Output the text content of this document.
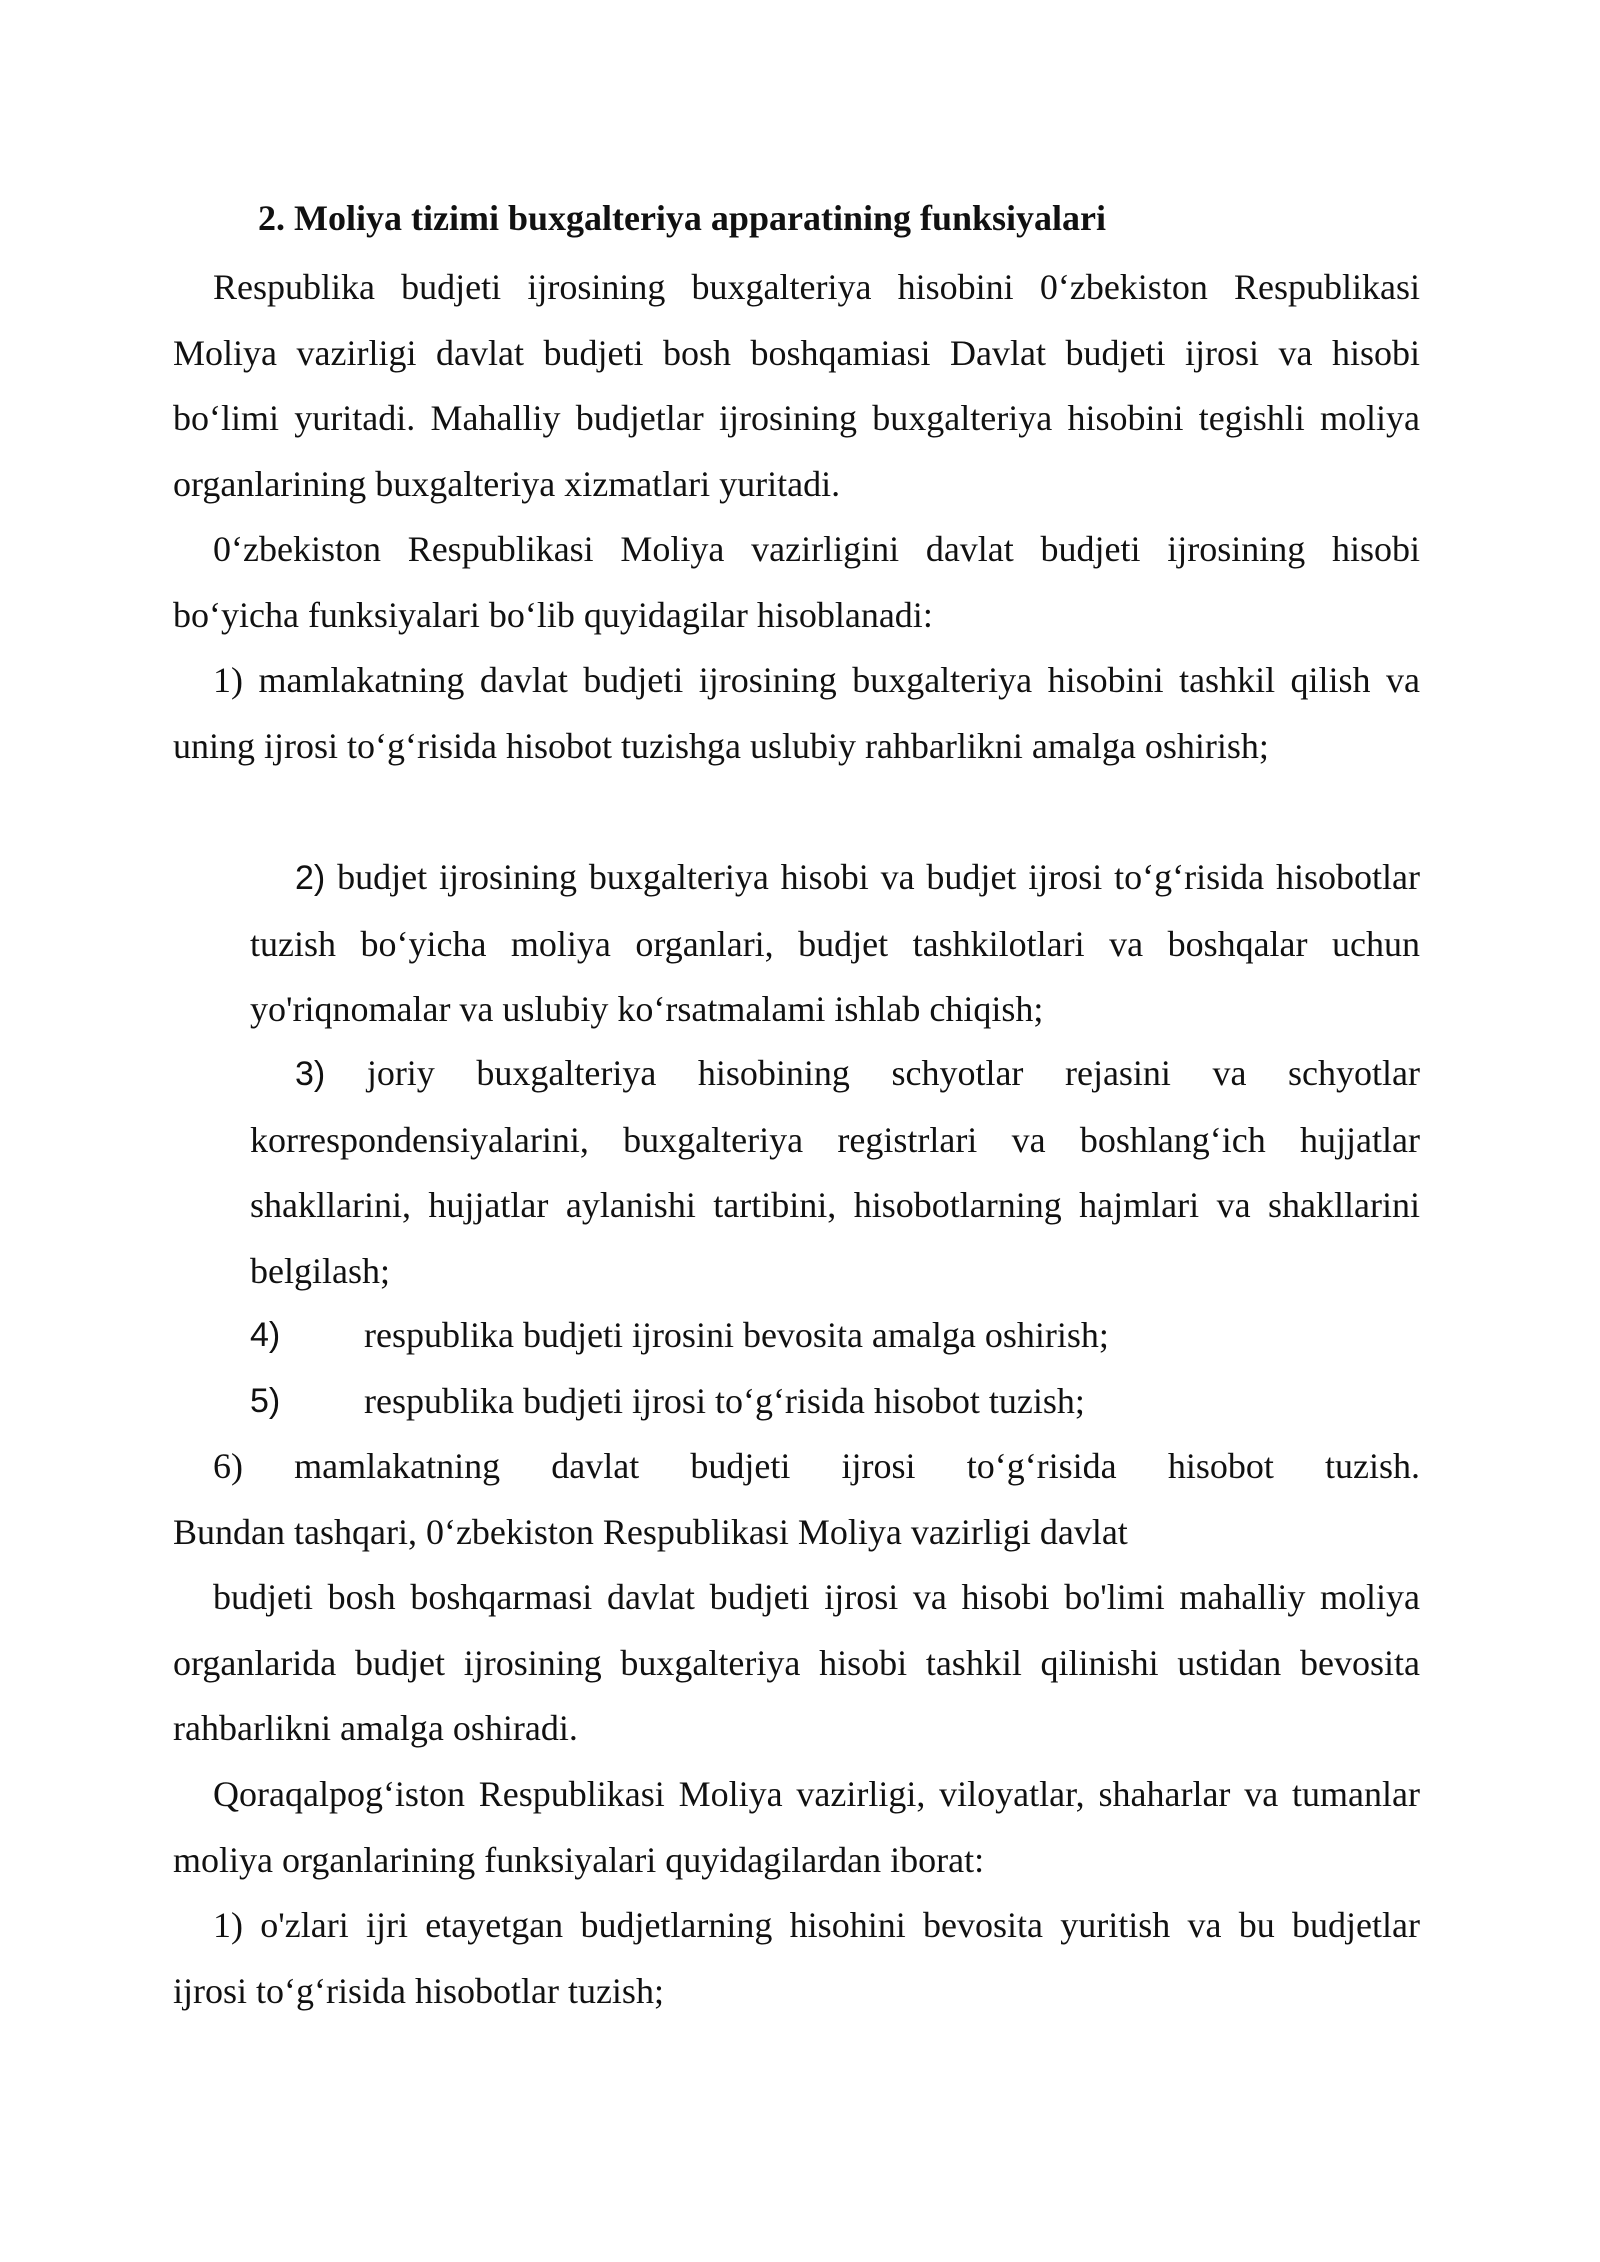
2. Moliya tizimi buxgalteriya apparatining funksiyalari

Respublika budjeti ijrosining buxgalteriya hisobini 0‘zbekiston Respublikasi Moliya vazirligi davlat budjeti bosh boshqamiasi Davlat budjeti ijrosi va hisobi bo‘limi yuritadi. Mahalliy budjetlar ijrosining buxgalteriya hisobini tegishli moliya organlarining buxgalteriya xizmatlari yuritadi.

0‘zbekiston Respublikasi Moliya vazirligini davlat budjeti ijrosining hisobi bo‘yicha funksiyalari bo‘lib quyidagilar hisoblanadi:

1) mamlakatning davlat budjeti ijrosining buxgalteriya hisobini tashkil qilish va uning ijrosi to‘g‘risida hisobot tuzishga uslubiy rahbarlikni amalga oshirish;

2) budjet ijrosining buxgalteriya hisobi va budjet ijrosi to‘g‘risida hisobotlar tuzish bo‘yicha moliya organlari, budjet tashkilotlari va boshqalar uchun yo'riqnomalar va uslubiy ko‘rsatmalami ishlab chiqish;

3) joriy buxgalteriya hisobining schyotlar rejasini va schyotlar korrespondensiyalarini, buxgalteriya registrlari va boshlang‘ich hujjatlar shakllarini, hujjatlar aylanishi tartibini, hisobotlarning hajmlari va shakllarini belgilash;

4) respublika budjeti ijrosini bevosita amalga oshirish;
5) respublika budjeti ijrosi to‘g‘risida hisobot tuzish;

6) mamlakatning davlat budjeti ijrosi to‘g‘risida hisobot tuzish.

Bundan tashqari, 0‘zbekiston Respublikasi Moliya vazirligi davlat

budjeti bosh boshqarmasi davlat budjeti ijrosi va hisobi bo'limi mahalliy moliya organlarida budjet ijrosining buxgalteriya hisobi tashkil qilinishi ustidan bevosita rahbarlikni amalga oshiradi.

Qoraqalpog‘iston Respublikasi Moliya vazirligi, viloyatlar, shaharlar va tumanlar moliya organlarining funksiyalari quyidagilardan iborat:

1) o'zlari ijri etayetgan budjetlarning hisohini bevosita yuritish va bu budjetlar ijrosi to‘g‘risida hisobotlar tuzish;
